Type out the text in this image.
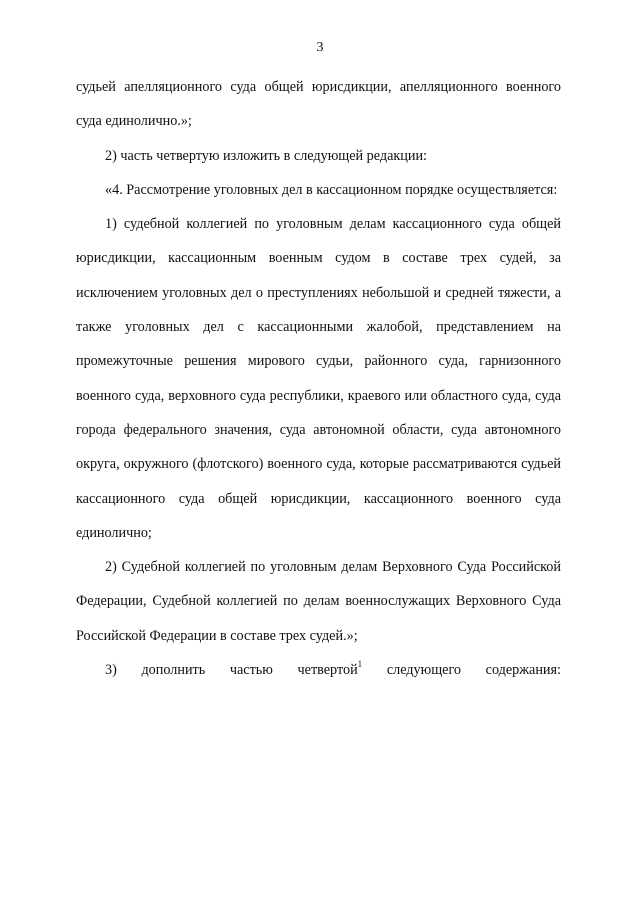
3

судьей апелляционного суда общей юрисдикции, апелляционного военного суда единолично.»;

2) часть четвертую изложить в следующей редакции:

«4. Рассмотрение уголовных дел в кассационном порядке осуществляется:

1) судебной коллегией по уголовным делам кассационного суда общей юрисдикции, кассационным военным судом в составе трех судей, за исключением уголовных дел о преступлениях небольшой и средней тяжести, а также уголовных дел с кассационными жалобой, представлением на промежуточные решения мирового судьи, районного суда, гарнизонного военного суда, верховного суда республики, краевого или областного суда, суда города федерального значения, суда автономной области, суда автономного округа, окружного (флотского) военного суда, которые рассматриваются судьей кассационного суда общей юрисдикции, кассационного военного суда единолично;

2) Судебной коллегией по уголовным делам Верховного Суда Российской Федерации, Судебной коллегией по делам военнослужащих Верховного Суда Российской Федерации в составе трех судей.»;

3) дополнить частью четвертой$^1$ следующего содержания:
